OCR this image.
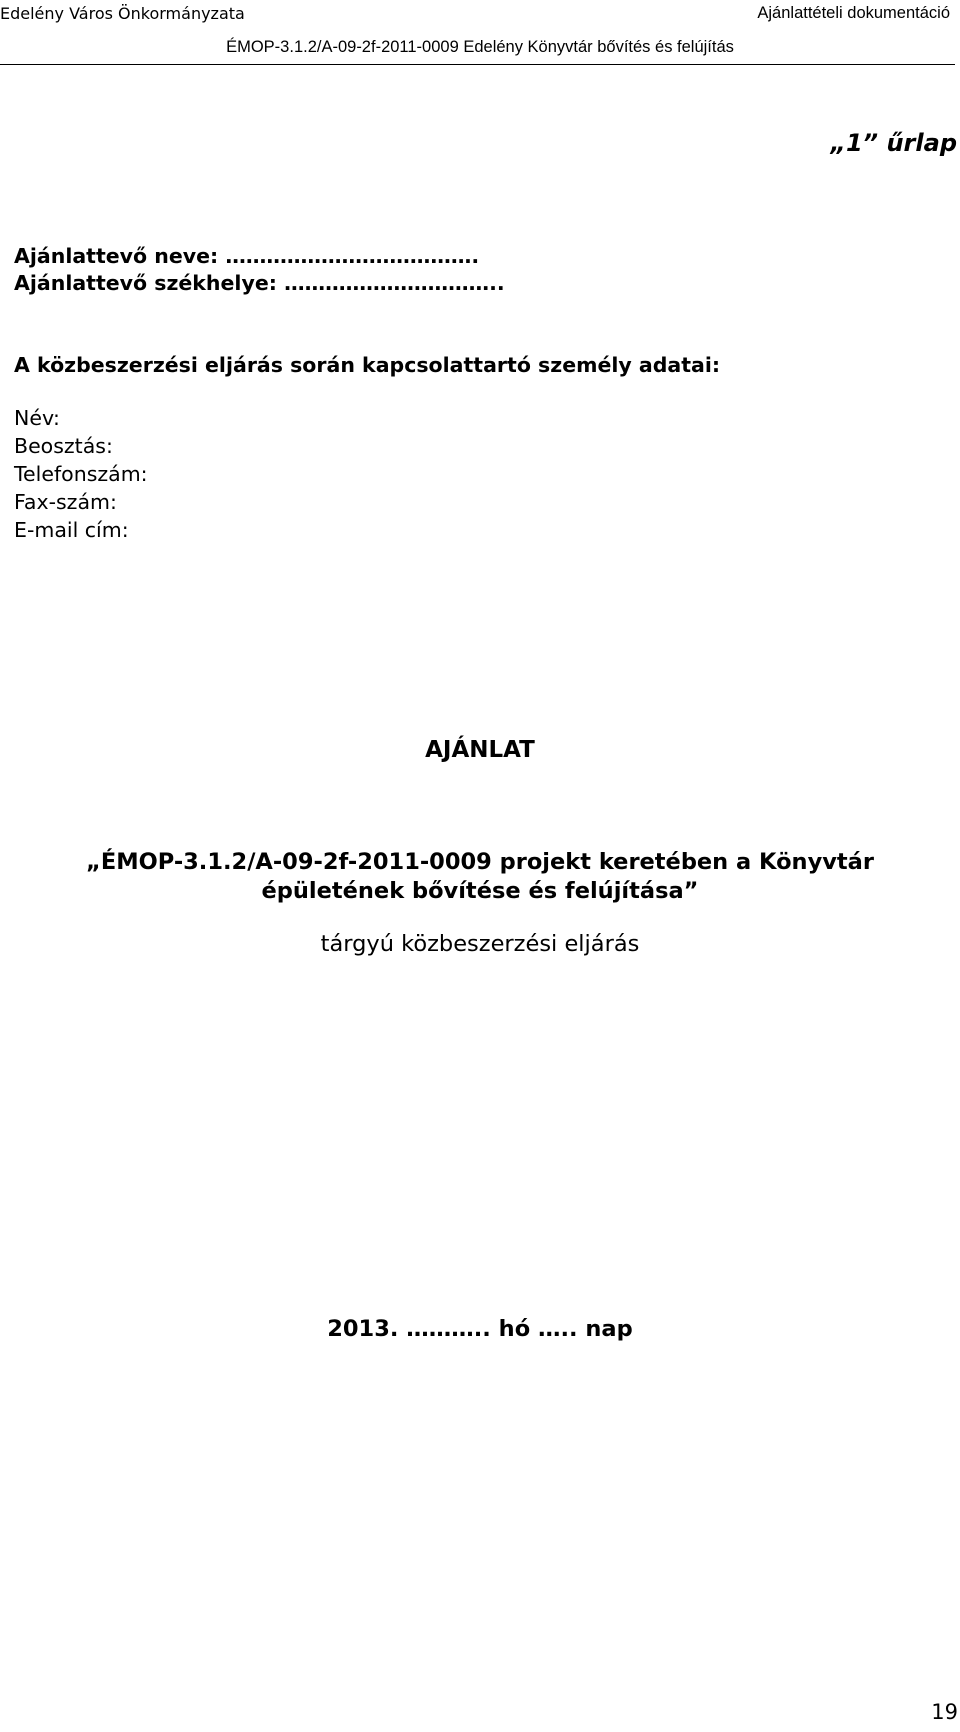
Edelény Város Önkormányzata	Ajánlattételi dokumentáció
ÉMOP-3.1.2/A-09-2f-2011-0009 Edelény Könyvtár bővítés és felújítás
„1” űrlap
Ajánlattevő neve: ……………………………….
Ajánlattevő székhelye: …………………………..
A közbeszerzési eljárás során kapcsolattartó személy adatai:
Név:
Beosztás:
Telefonszám:
Fax-szám:
E-mail cím:
AJÁNLAT
„ÉMOP-3.1.2/A-09-2f-2011-0009 projekt keretében a Könyvtár
épületének bővítése és felújítása”
tárgyú közbeszerzési eljárás
2013. ……….. hó ….. nap
19
